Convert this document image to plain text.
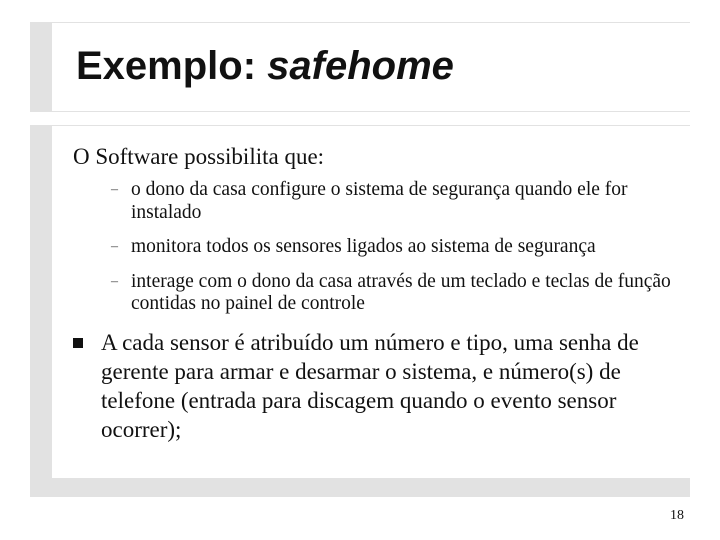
Exemplo: safehome

O Software possibilita que:

– o dono da casa configure o sistema de segurança quando ele for instalado
– monitora todos os sensores ligados ao sistema de segurança
– interage com o dono da casa através de um teclado e teclas de função contidas no painel de controle
A cada sensor é atribuído um número e tipo, uma senha de gerente para armar e desarmar o sistema, e número(s) de telefone (entrada para discagem quando o evento sensor ocorrer);
18
